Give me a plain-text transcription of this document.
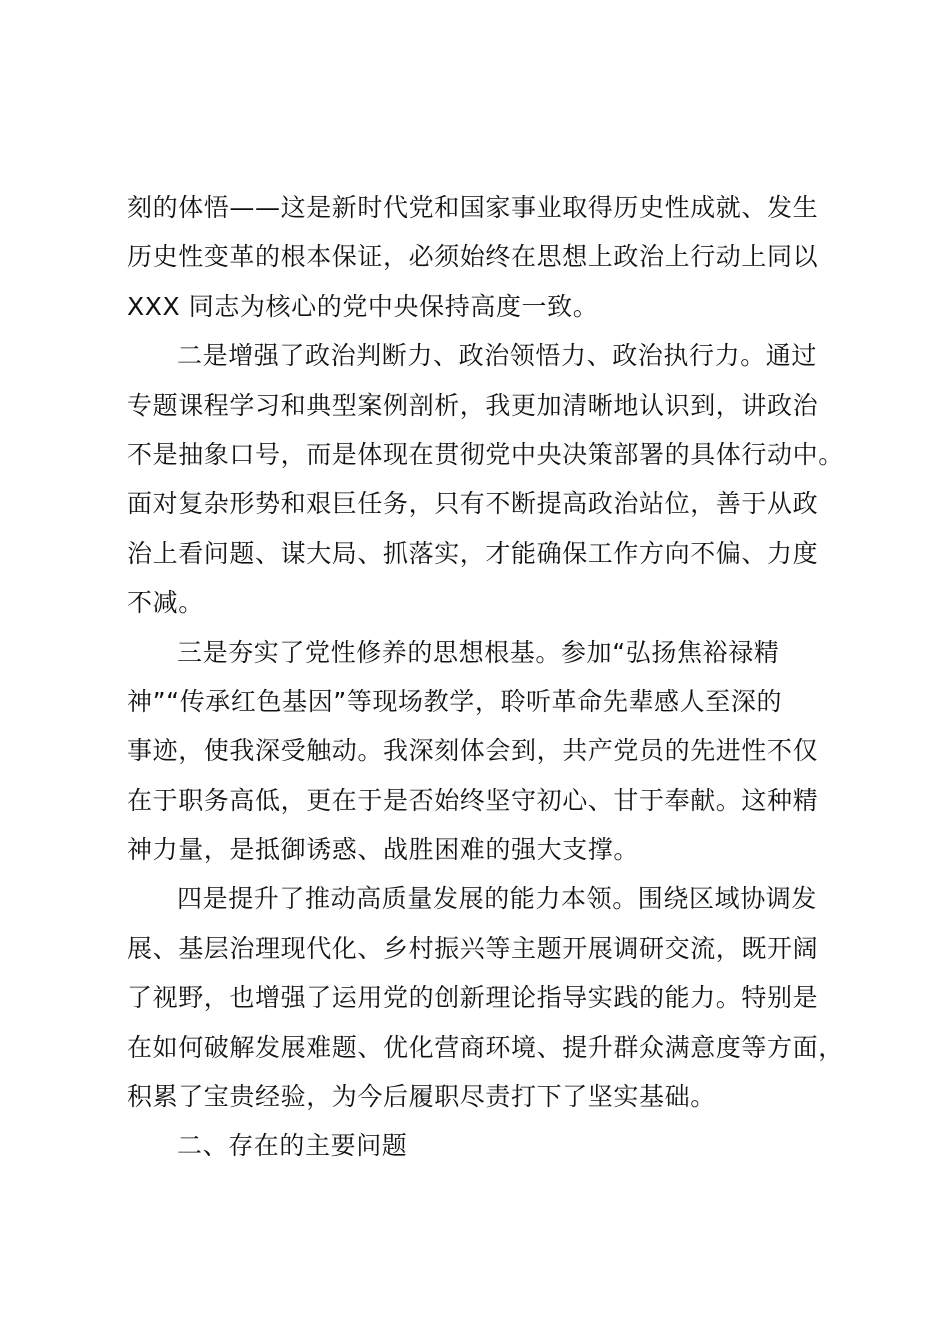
刻的体悟——这是新时代党和国家事业取得历史性成就、发生
历史性变革的根本保证，必须始终在思想上政治上行动上同以
XXX 同志为核心的党中央保持高度一致。
二是增强了政治判断力、政治领悟力、政治执行力。通过
专题课程学习和典型案例剖析，我更加清晰地认识到，讲政治
不是抽象口号，而是体现在贯彻党中央决策部署的具体行动中。
面对复杂形势和艰巨任务，只有不断提高政治站位，善于从政
治上看问题、谋大局、抓落实，才能确保工作方向不偏、力度
不减。
三是夯实了党性修养的思想根基。参加“弘扬焦裕禄精
神”“传承红色基因”等现场教学，聆听革命先辈感人至深的
事迹，使我深受触动。我深刻体会到，共产党员的先进性不仅
在于职务高低，更在于是否始终坚守初心、甘于奉献。这种精
神力量，是抵御诱惑、战胜困难的强大支撑。
四是提升了推动高质量发展的能力本领。围绕区域协调发
展、基层治理现代化、乡村振兴等主题开展调研交流，既开阔
了视野，也增强了运用党的创新理论指导实践的能力。特别是
在如何破解发展难题、优化营商环境、提升群众满意度等方面，
积累了宝贵经验，为今后履职尽责打下了坚实基础。
二、存在的主要问题
